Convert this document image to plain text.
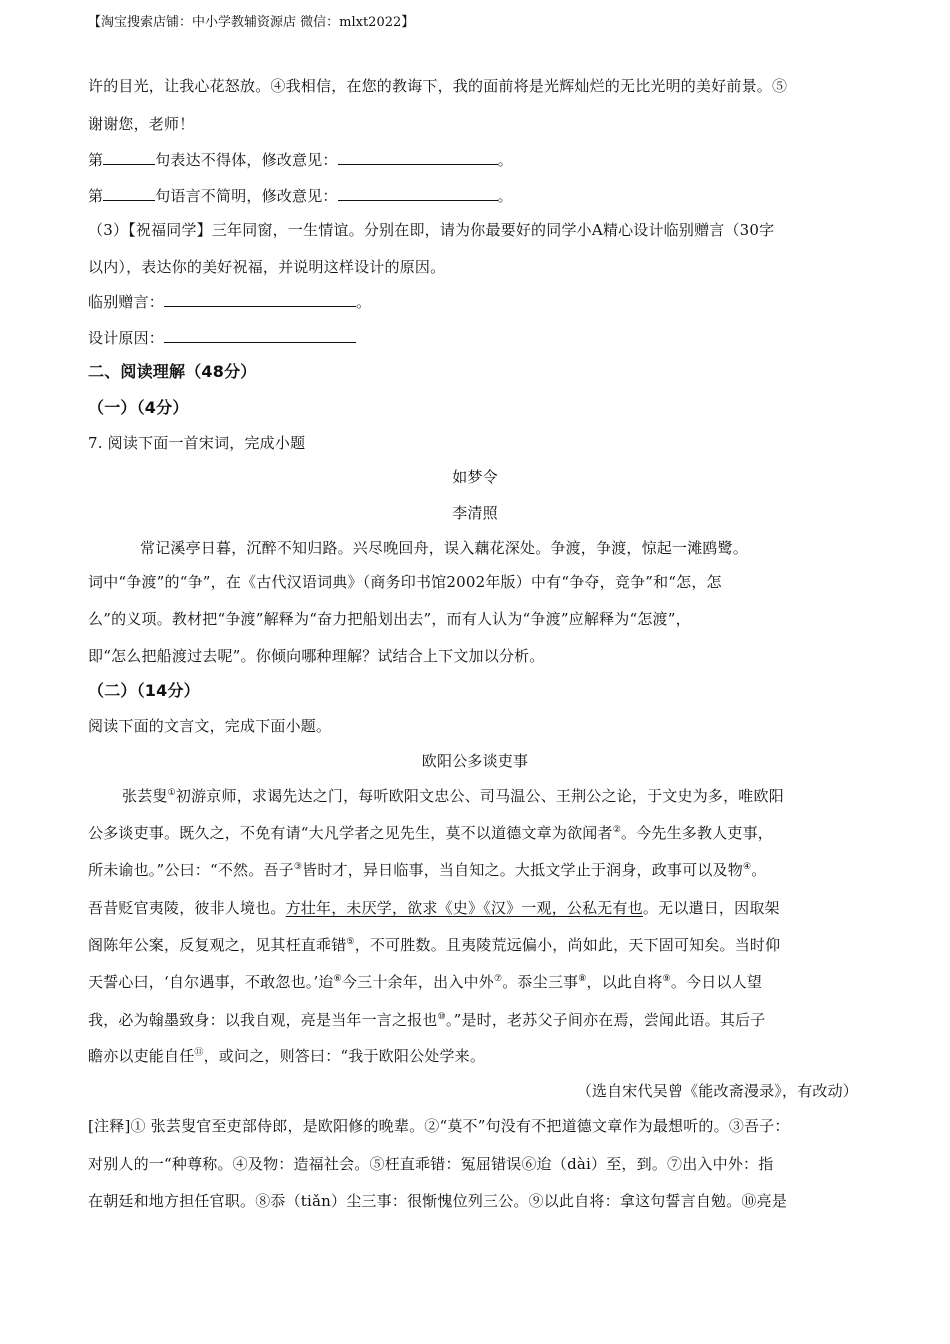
【淘宝搜索店铺：中小学教辅资源店 微信：mlxt2022】
许的目光，让我心花怒放。④我相信，在您的教诲下，我的面前将是光辉灿烂的无比光明的美好前景。⑤
谢谢您，老师！
第	句表达不得体，修改意见：	。
第	句语言不简明，修改意见：	。
（3）【祝福同学】三年同窗，一生情谊。分别在即，请为你最要好的同学小A精心设计临别赠言（30字
以内），表达你的美好祝福，并说明这样设计的原因。
临别赠言：	。
设计原因：
二、阅读理解（48分）
（一）（4分）
7. 阅读下面一首宋词，完成小题
如梦令
李清照
常记溪亭日暮，沉醉不知归路。兴尽晚回舟，误入藕花深处。争渡，争渡，惊起一滩鸥鹭。
词中“争渡”的“争”，在《古代汉语词典》（商务印书馆2002年版）中有“争夺，竞争”和“怎，怎
么”的义项。教材把“争渡”解释为“奋力把船划出去”，而有人认为“争渡”应解释为“怎渡”，
即“怎么把船渡过去呢”。你倾向哪种理解？试结合上下文加以分析。
（二）（14分）
阅读下面的文言文，完成下面小题。
欧阳公多谈吏事
张芸叟①初游京师，求谒先达之门，每听欧阳文忠公、司马温公、王荆公之论，于文史为多，唯欧阳
公多谈吏事。既久之，不免有请“大凡学者之见先生，莫不以道德文章为欲闻者②。今先生多教人吏事，
所未谕也。”公曰：“不然。吾子③皆时才，异日临事，当自知之。大抵文学止于润身，政事可以及物④。
吾昔贬官夷陵，彼非人境也。方壮年，未厌学，欲求《史》《汉》一观，公私无有也。无以遣日，因取架
阁陈年公案，反复观之，见其枉直乖错⑤，不可胜数。且夷陵荒远偏小，尚如此，天下固可知矣。当时仰
天誓心曰，‘自尔遇事，不敢忽也。’迨⑥今三十余年，出入中外⑦。忝尘三事⑧，以此自将⑨。今日以人望
我，必为翰墨致身：以我自观，亮是当年一言之报也⑩。”是时，老苏父子间亦在焉，尝闻此语。其后子
瞻亦以吏能自任⑪，或问之，则答曰：“我于欧阳公处学来。
（选自宋代吴曾《能改斋漫录》，有改动）
[注释]① 张芸叟官至吏部侍郎，是欧阳修的晚辈。②“莫不”句没有不把道德文章作为最想听的。③吾子：
对别人的一“种尊称。④及物：造福社会。⑤枉直乖错：冤屈错误⑥迨（dài）至，到。⑦出入中外：指
在朝廷和地方担任官职。⑧忝（tiǎn）尘三事：很惭愧位列三公。⑨以此自将：拿这句誓言自勉。⑩亮是
